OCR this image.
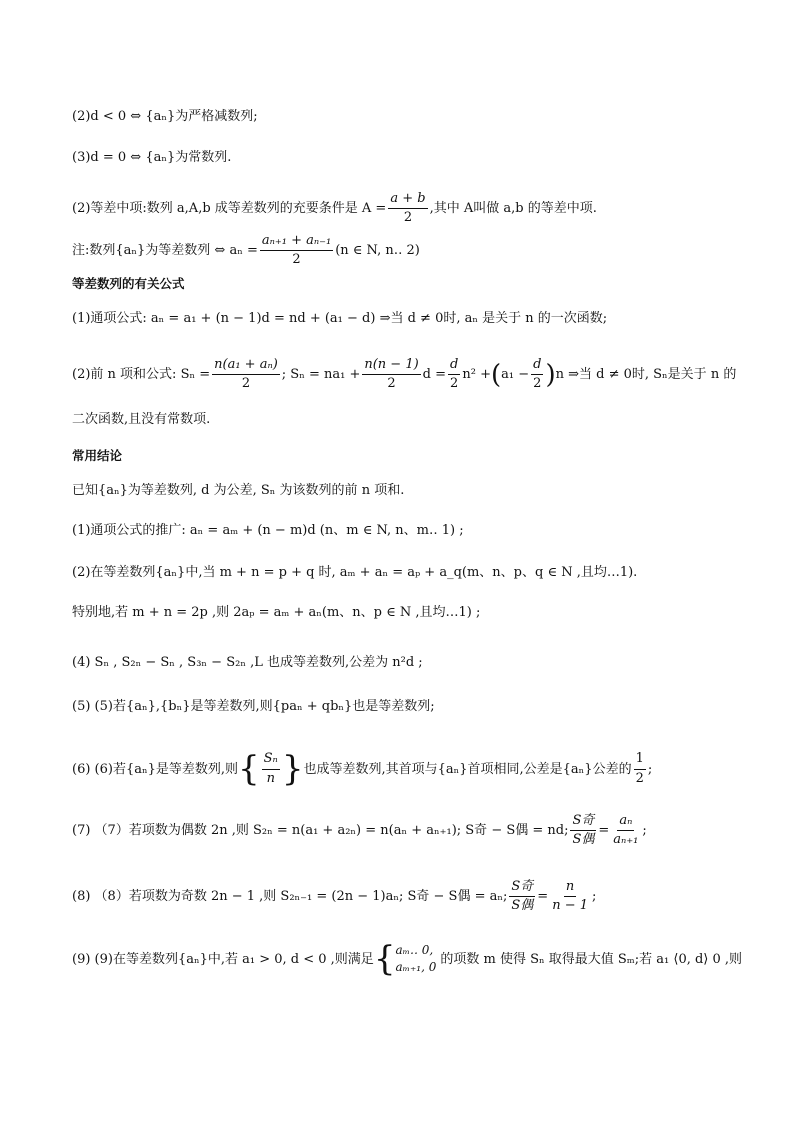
(2)d < 0 ⇔ {aₙ}为严格减数列;
(3)d = 0 ⇔ {aₙ}为常数列.
(2)等差中项:数列 a,A,b 成等差数列的充要条件是 $A = \frac{a + b}{2}$ ,其中 A叫做 a,b 的等差中项.
注:数列{aₙ}为等差数列 ⇔ $a_n = \frac{\text{aₙ₊₁ + aₙ₋₁}}{2} (n$ ∈ N, n‥ 2)
等差数列的有关公式
(1)通项公式: aₙ = a₁ + (n − 1)d = nd + (a₁ − d) ⇒当 d ≠ 0时, aₙ 是关于 n 的一次函数;
(2)前 n 项和公式: $S_n = \frac{\text{n(a₁ + aₙ)}}{2}$ ; $S_n = na_1 + \frac{n(n - 1)}{2}$ $d = \frac{d}{2} n^2$ + ( $a_1 - \frac{d}{2}$ ) n ⇒当 d ≠ 0时, Sₙ是关于 n 的
二次函数,且没有常数项.
常用结论
已知{aₙ}为等差数列, d 为公差, Sₙ 为该数列的前 n 项和.
(1)通项公式的推广: aₙ = aₘ + (n − m)d (n、m ∈ N, n、m‥ 1) ;
(2)在等差数列{aₙ}中,当 m + n = p + q 时, aₘ + aₙ = aₚ + a_q(m、n、p、q ∈ N ,且均…1).
特别地,若 m + n = 2p ,则 2aₚ = aₘ + aₙ(m、n、p ∈ N ,且均…1) ;
(4) Sₙ , S₂ₙ − Sₙ , S₃ₙ − S₂ₙ ,L 也成等差数列,公差为 n²d ;
(5) (5)若{aₙ},{bₙ}是等差数列,则{paₙ + qbₙ}也是等差数列;
(6) (6)若{aₙ}是等差数列,则 { $\frac{\text{Sₙ}}{n}$ } 也成等差数列,其首项与{aₙ}首项相同,公差是{aₙ}公差的 $\frac{1}{2}$ ;
(7) （7）若项数为偶数 2n ,则 S₂ₙ = n(a₁ + a₂ₙ) = n(aₙ + aₙ₊₁); S奇 − S偶 = nd; $\frac{\text{S奇}}{\text{S偶}} = \frac{\text{aₙ}}{\text{aₙ₊₁}}$ ;
(8) （8）若项数为奇数 2n − 1 ,则 S₂ₙ₋₁ = (2n − 1)aₙ; S奇 − S偶 = aₙ; $\frac{\text{S奇}}{\text{S偶}} = \frac{n}{n - 1}$ ;
(9) (9)在等差数列{aₙ}中,若 a₁ > 0, d < 0 ,则满足 { aₘ‥ 0,
aₘ₊₁, 0
的项数 m 使得 Sₙ 取得最大值 Sₘ;若 a₁ ⟨0, d⟩ 0 ,则
